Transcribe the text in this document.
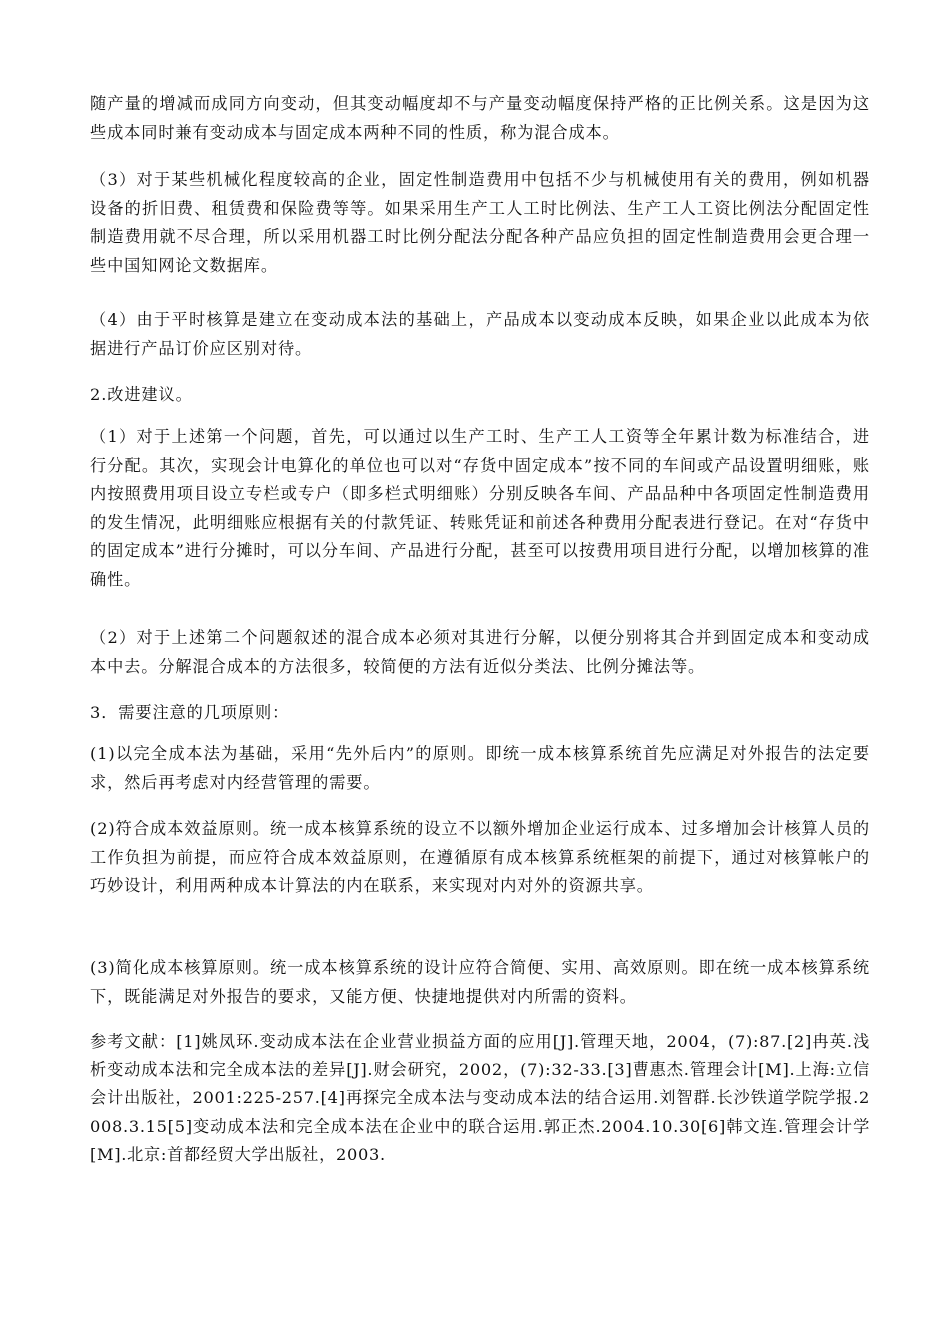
随产量的增减而成同方向变动，但其变动幅度却不与产量变动幅度保持严格的正比例关系。这是因为这些成本同时兼有变动成本与固定成本两种不同的性质，称为混合成本。

（3）对于某些机械化程度较高的企业，固定性制造费用中包括不少与机械使用有关的费用，例如机器设备的折旧费、租赁费和保险费等等。如果采用生产工人工时比例法、生产工人工资比例法分配固定性制造费用就不尽合理，所以采用机器工时比例分配法分配各种产品应负担的固定性制造费用会更合理一些中国知网论文数据库。

（4）由于平时核算是建立在变动成本法的基础上，产品成本以变动成本反映，如果企业以此成本为依据进行产品订价应区别对待。

2.改进建议。

（1）对于上述第一个问题，首先，可以通过以生产工时、生产工人工资等全年累计数为标准结合，进行分配。其次，实现会计电算化的单位也可以对“存货中固定成本”按不同的车间或产品设置明细账，账内按照费用项目设立专栏或专户（即多栏式明细账）分别反映各车间、产品品种中各项固定性制造费用的发生情况，此明细账应根据有关的付款凭证、转账凭证和前述各种费用分配表进行登记。在对“存货中的固定成本”进行分摊时，可以分车间、产品进行分配，甚至可以按费用项目进行分配，以增加核算的准确性。

（2）对于上述第二个问题叙述的混合成本必须对其进行分解，以便分别将其合并到固定成本和变动成本中去。分解混合成本的方法很多，较简便的方法有近似分类法、比例分摊法等。

3．需要注意的几项原则：

(1)以完全成本法为基础，采用“先外后内”的原则。即统一成本核算系统首先应满足对外报告的法定要求，然后再考虑对内经营管理的需要。

(2)符合成本效益原则。统一成本核算系统的设立不以额外增加企业运行成本、过多增加会计核算人员的工作负担为前提，而应符合成本效益原则，在遵循原有成本核算系统框架的前提下，通过对核算帐户的巧妙设计，利用两种成本计算法的内在联系，来实现对内对外的资源共享。

(3)简化成本核算原则。统一成本核算系统的设计应符合简便、实用、高效原则。即在统一成本核算系统下，既能满足对外报告的要求，又能方便、快捷地提供对内所需的资料。

参考文献：[1]姚凤环.变动成本法在企业营业损益方面的应用[J].管理天地，2004，(7):87.[2]冉英.浅析变动成本法和完全成本法的差异[J].财会研究，2002，(7):32-33.[3]曹惠杰.管理会计[M].上海:立信会计出版社，2001:225-257.[4]再探完全成本法与变动成本法的结合运用.刘智群.长沙铁道学院学报.2008.3.15[5]变动成本法和完全成本法在企业中的联合运用.郭正杰.2004.10.30[6]韩文连.管理会计学[M].北京:首都经贸大学出版社，2003.
